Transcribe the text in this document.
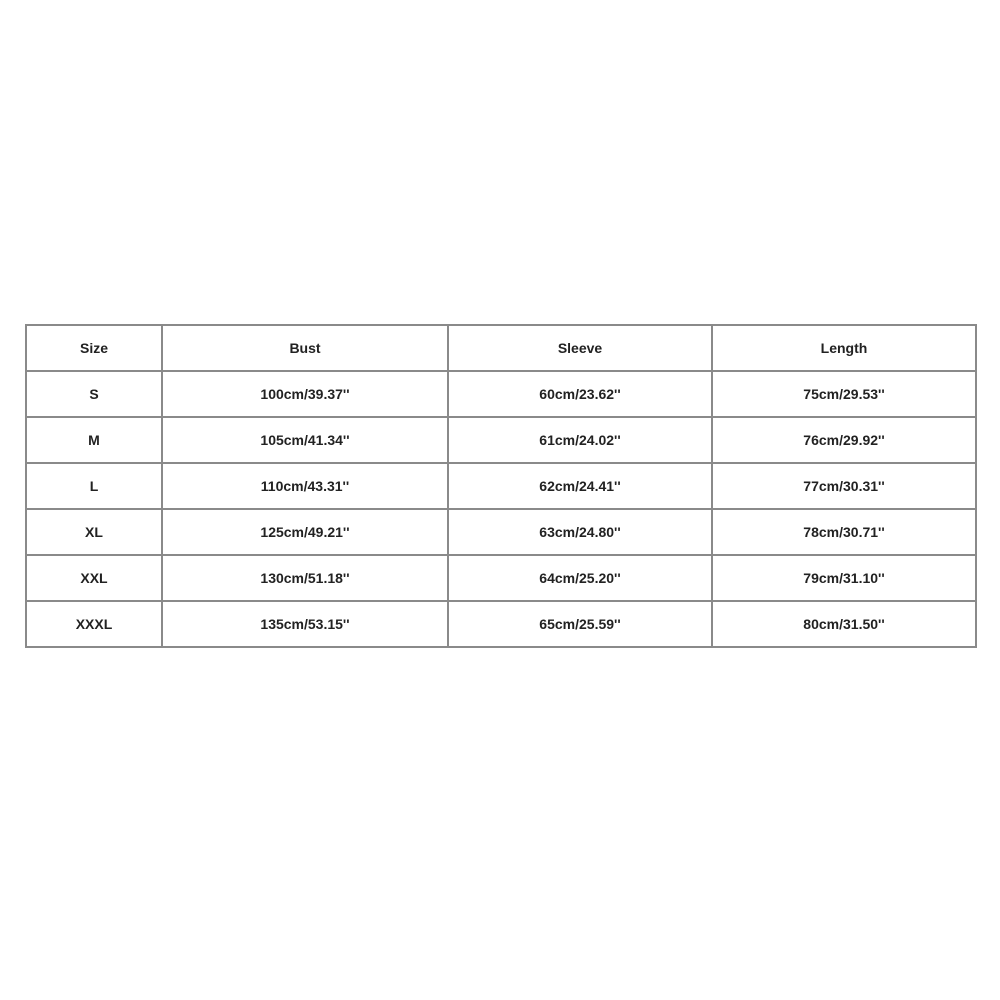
Size	Bust	Sleeve	Length
S	100cm/39.37''	60cm/23.62''	75cm/29.53''
M	105cm/41.34''	61cm/24.02''	76cm/29.92''
L	110cm/43.31''	62cm/24.41''	77cm/30.31''
XL	125cm/49.21''	63cm/24.80''	78cm/30.71''
XXL	130cm/51.18''	64cm/25.20''	79cm/31.10''
XXXL	135cm/53.15''	65cm/25.59''	80cm/31.50''
